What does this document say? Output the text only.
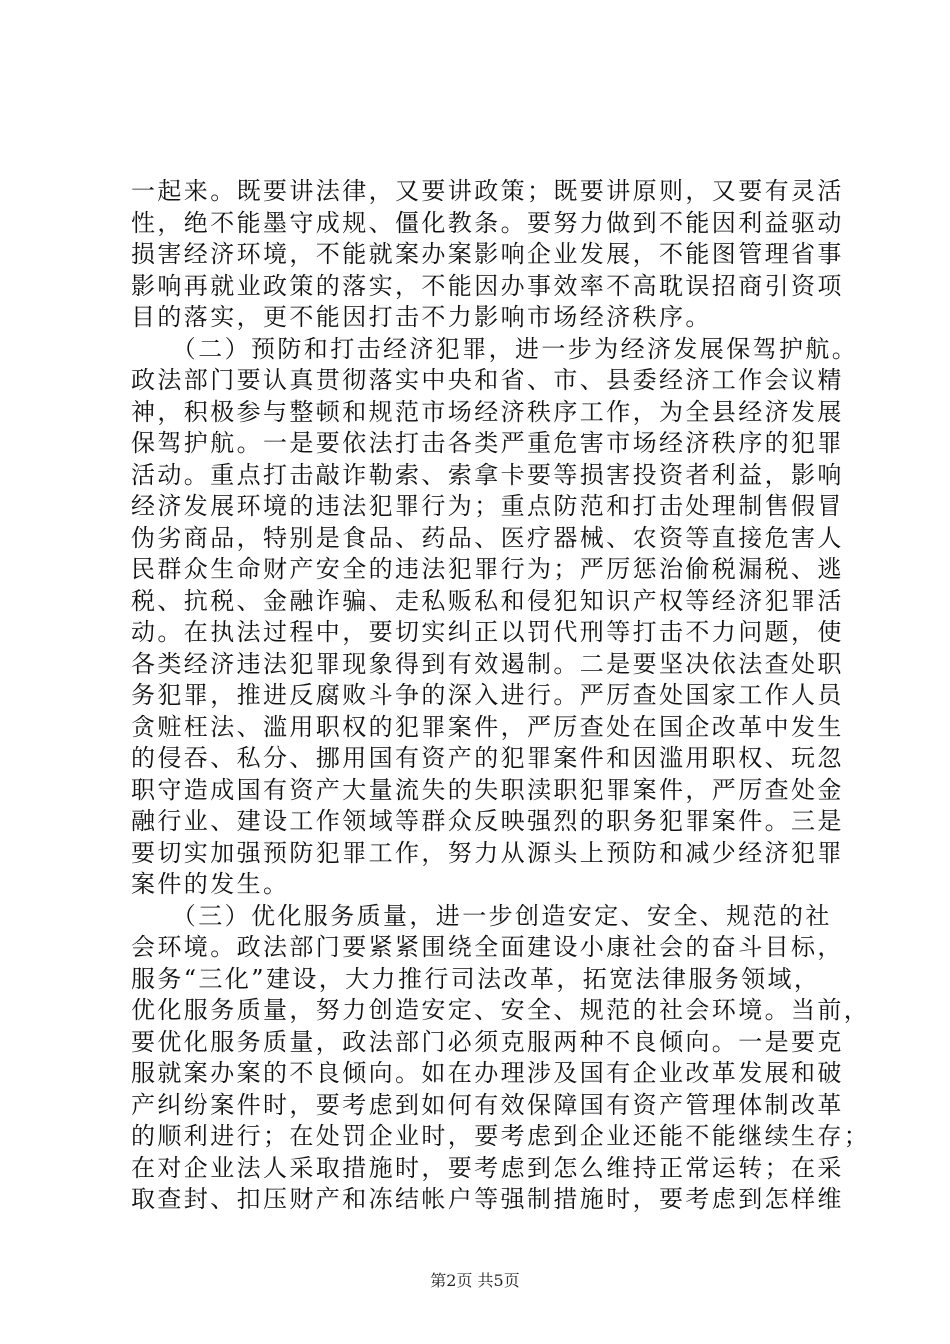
一起来。既要讲法律，又要讲政策；既要讲原则，又要有灵活
性，绝不能墨守成规、僵化教条。要努力做到不能因利益驱动
损害经济环境，不能就案办案影响企业发展，不能图管理省事
影响再就业政策的落实，不能因办事效率不高耽误招商引资项
目的落实，更不能因打击不力影响市场经济秩序。
　　（二）预防和打击经济犯罪，进一步为经济发展保驾护航。
政法部门要认真贯彻落实中央和省、市、县委经济工作会议精
神，积极参与整顿和规范市场经济秩序工作，为全县经济发展
保驾护航。一是要依法打击各类严重危害市场经济秩序的犯罪
活动。重点打击敲诈勒索、索拿卡要等损害投资者利益，影响
经济发展环境的违法犯罪行为；重点防范和打击处理制售假冒
伪劣商品，特别是食品、药品、医疗器械、农资等直接危害人
民群众生命财产安全的违法犯罪行为；严厉惩治偷税漏税、逃
税、抗税、金融诈骗、走私贩私和侵犯知识产权等经济犯罪活
动。在执法过程中，要切实纠正以罚代刑等打击不力问题，使
各类经济违法犯罪现象得到有效遏制。二是要坚决依法查处职
务犯罪，推进反腐败斗争的深入进行。严厉查处国家工作人员
贪赃枉法、滥用职权的犯罪案件，严厉查处在国企改革中发生
的侵吞、私分、挪用国有资产的犯罪案件和因滥用职权、玩忽
职守造成国有资产大量流失的失职渎职犯罪案件，严厉查处金
融行业、建设工作领域等群众反映强烈的职务犯罪案件。三是
要切实加强预防犯罪工作，努力从源头上预防和减少经济犯罪
案件的发生。
　　（三）优化服务质量，进一步创造安定、安全、规范的社
会环境。政法部门要紧紧围绕全面建设小康社会的奋斗目标，
服务“三化”建设，大力推行司法改革，拓宽法律服务领域，
优化服务质量，努力创造安定、安全、规范的社会环境。当前，
要优化服务质量，政法部门必须克服两种不良倾向。一是要克
服就案办案的不良倾向。如在办理涉及国有企业改革发展和破
产纠纷案件时，要考虑到如何有效保障国有资产管理体制改革
的顺利进行；在处罚企业时，要考虑到企业还能不能继续生存；
在对企业法人采取措施时，要考虑到怎么维持正常运转；在采
取查封、扣压财产和冻结帐户等强制措施时，要考虑到怎样维
第2页 共5页
